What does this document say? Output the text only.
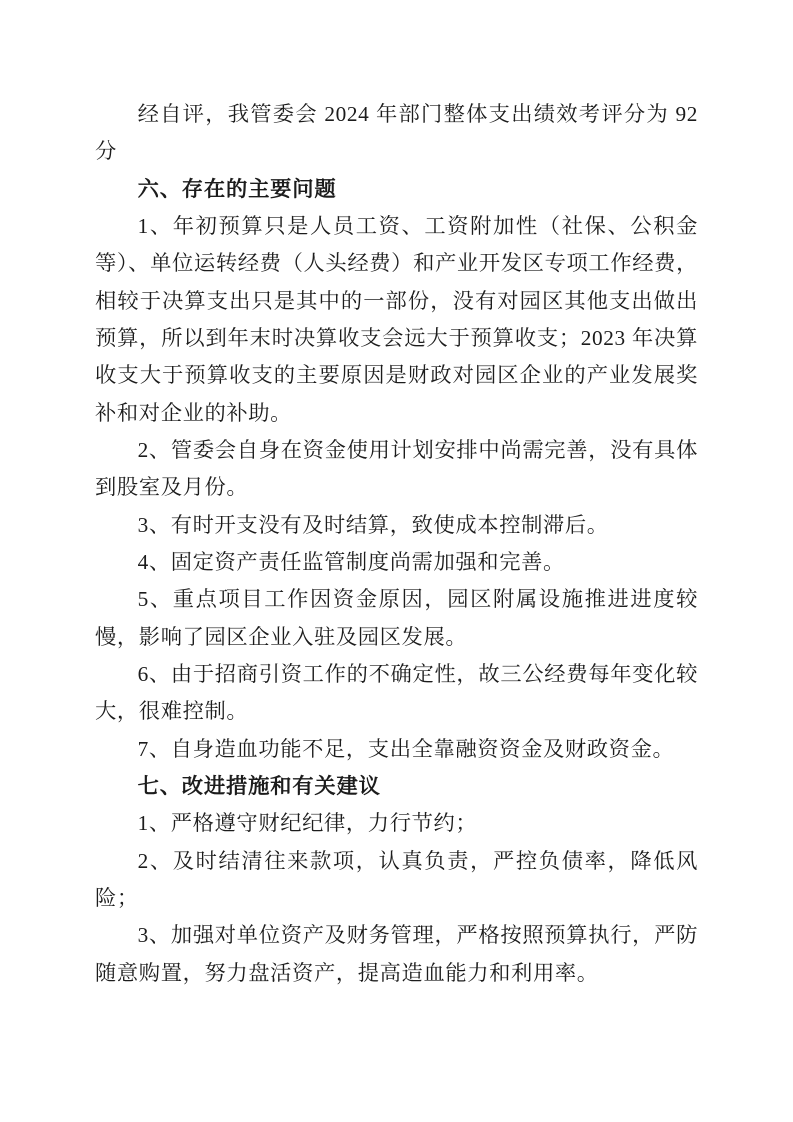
经自评，我管委会 2024 年部门整体支出绩效考评分为 92 分

六、存在的主要问题

1、年初预算只是人员工资、工资附加性（社保、公积金等）、单位运转经费（人头经费）和产业开发区专项工作经费，相较于决算支出只是其中的一部份，没有对园区其他支出做出预算，所以到年末时决算收支会远大于预算收支；2023 年决算收支大于预算收支的主要原因是财政对园区企业的产业发展奖补和对企业的补助。

2、管委会自身在资金使用计划安排中尚需完善，没有具体到股室及月份。

3、有时开支没有及时结算，致使成本控制滞后。

4、固定资产责任监管制度尚需加强和完善。

5、重点项目工作因资金原因，园区附属设施推进进度较慢，影响了园区企业入驻及园区发展。

6、由于招商引资工作的不确定性，故三公经费每年变化较大，很难控制。

7、自身造血功能不足，支出全靠融资资金及财政资金。

七、改进措施和有关建议

1、严格遵守财纪纪律，力行节约；

2、及时结清往来款项，认真负责，严控负债率，降低风险；

3、加强对单位资产及财务管理，严格按照预算执行，严防随意购置，努力盘活资产，提高造血能力和利用率。
